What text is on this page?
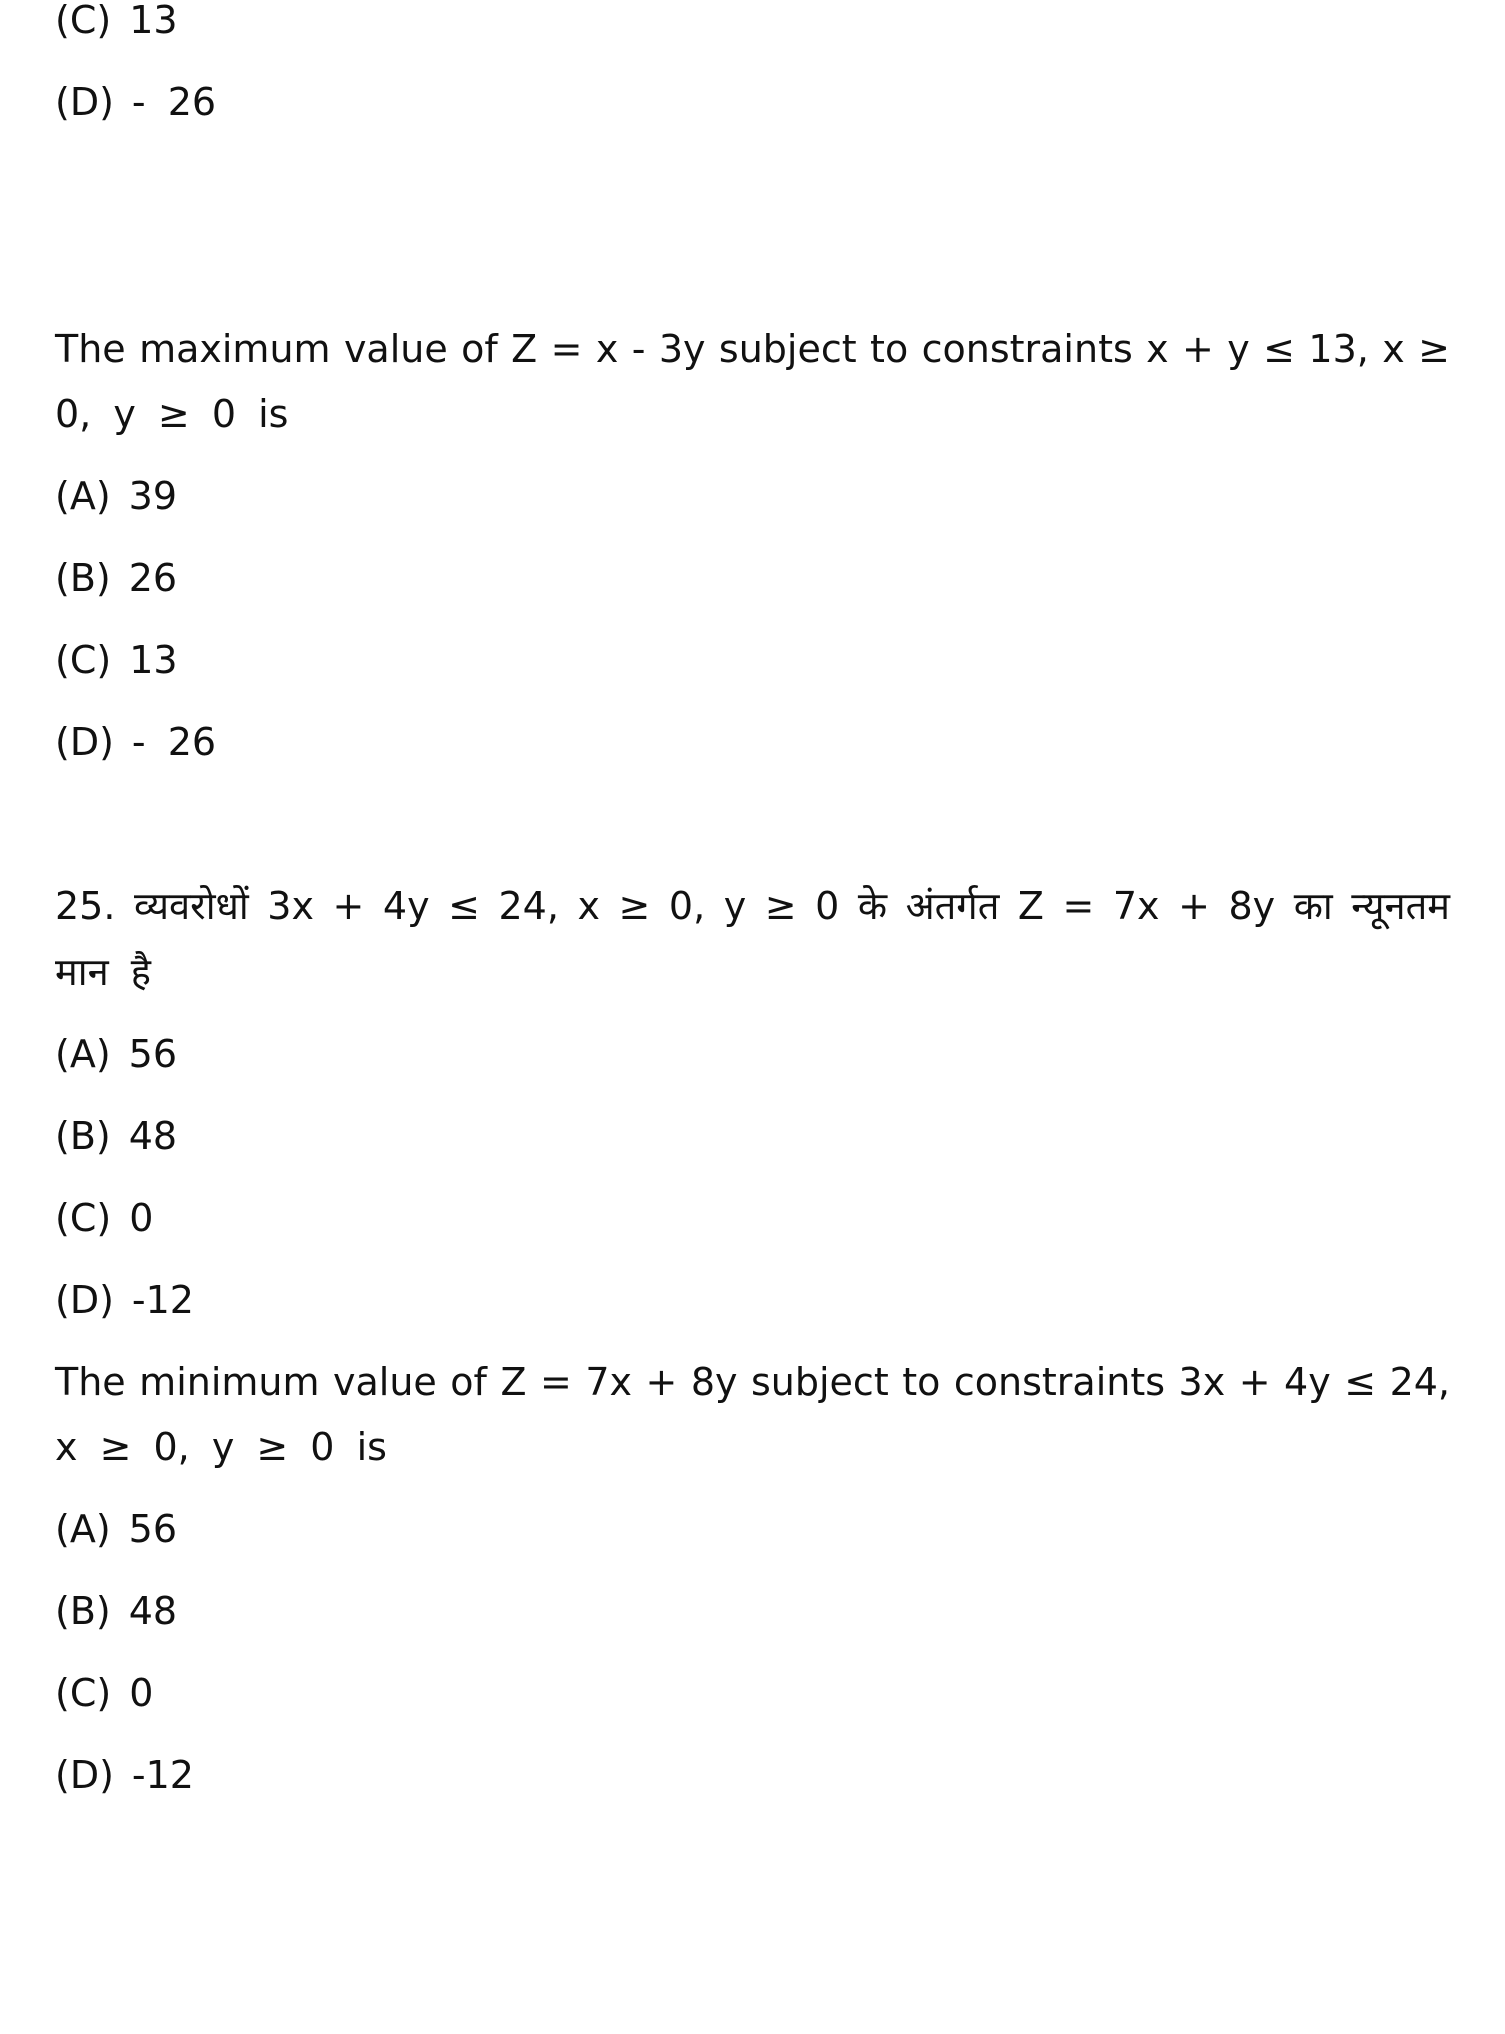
(C) 13
(D) - 26
The maximum value of Z = x - 3y subject to constraints x + y ≤ 13, x ≥
0, y ≥ 0 is
(A) 39
(B) 26
(C) 13
(D) - 26
25. व्यवरोधों 3x + 4y ≤ 24, x ≥ 0, y ≥ 0 के अंतर्गत Z = 7x + 8y का न्यूनतम
मान है
(A) 56
(B) 48
(C) 0
(D) -12
The minimum value of Z = 7x + 8y subject to constraints 3x + 4y ≤ 24,
x ≥ 0, y ≥ 0 is
(A) 56
(B) 48
(C) 0
(D) -12
